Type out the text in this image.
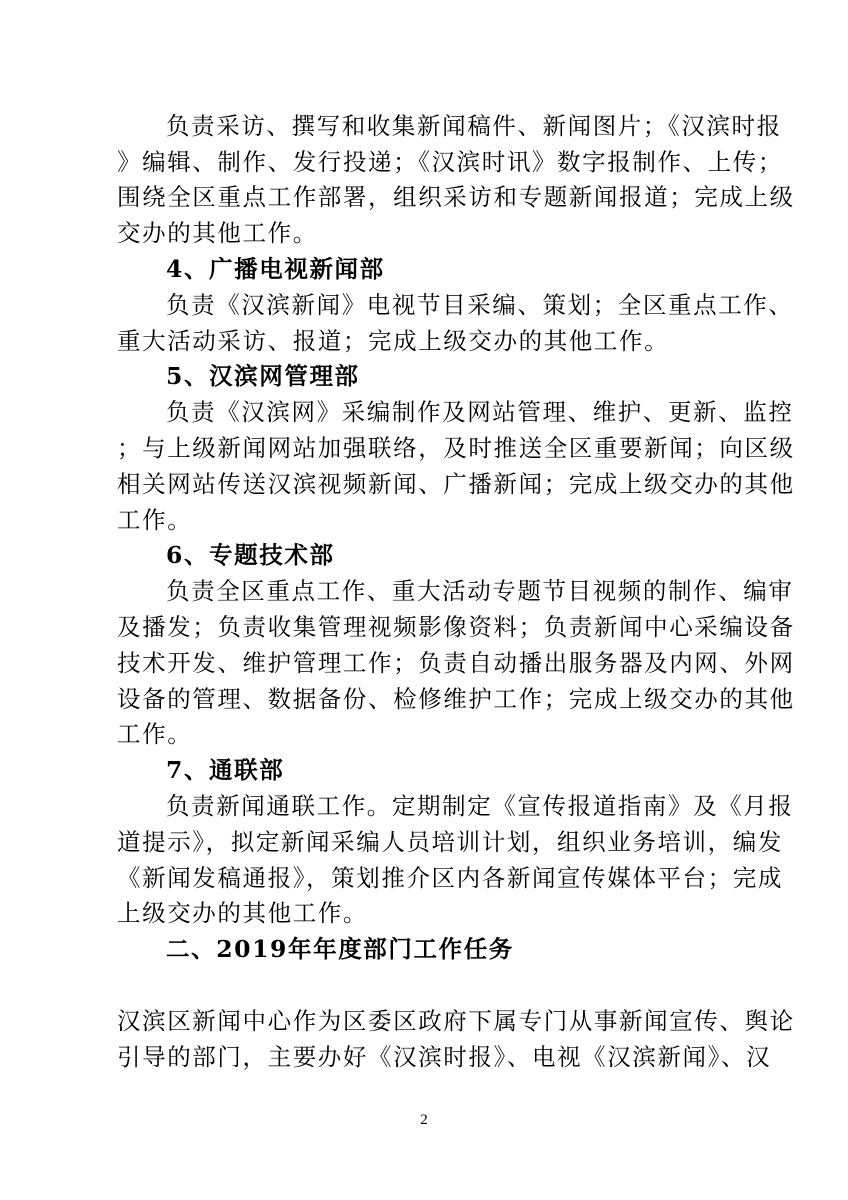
负责采访、撰写和收集新闻稿件、新闻图片；《汉滨时报
》编辑、制作、发行投递；《汉滨时讯》数字报制作、上传；
围绕全区重点工作部署，组织采访和专题新闻报道；完成上级
交办的其他工作。
4、广播电视新闻部
负责《汉滨新闻》电视节目采编、策划；全区重点工作、
重大活动采访、报道；完成上级交办的其他工作。
5、汉滨网管理部
负责《汉滨网》采编制作及网站管理、维护、更新、监控
；与上级新闻网站加强联络，及时推送全区重要新闻；向区级
相关网站传送汉滨视频新闻、广播新闻；完成上级交办的其他
工作。
6、专题技术部
负责全区重点工作、重大活动专题节目视频的制作、编审
及播发；负责收集管理视频影像资料；负责新闻中心采编设备
技术开发、维护管理工作；负责自动播出服务器及内网、外网
设备的管理、数据备份、检修维护工作；完成上级交办的其他
工作。
7、通联部
负责新闻通联工作。定期制定《宣传报道指南》及《月报
道提示》，拟定新闻采编人员培训计划，组织业务培训，编发
《新闻发稿通报》，策划推介区内各新闻宣传媒体平台；完成
上级交办的其他工作。
二、2019年年度部门工作任务
汉滨区新闻中心作为区委区政府下属专门从事新闻宣传、舆论
引导的部门，主要办好《汉滨时报》、电视《汉滨新闻》、汉
2
